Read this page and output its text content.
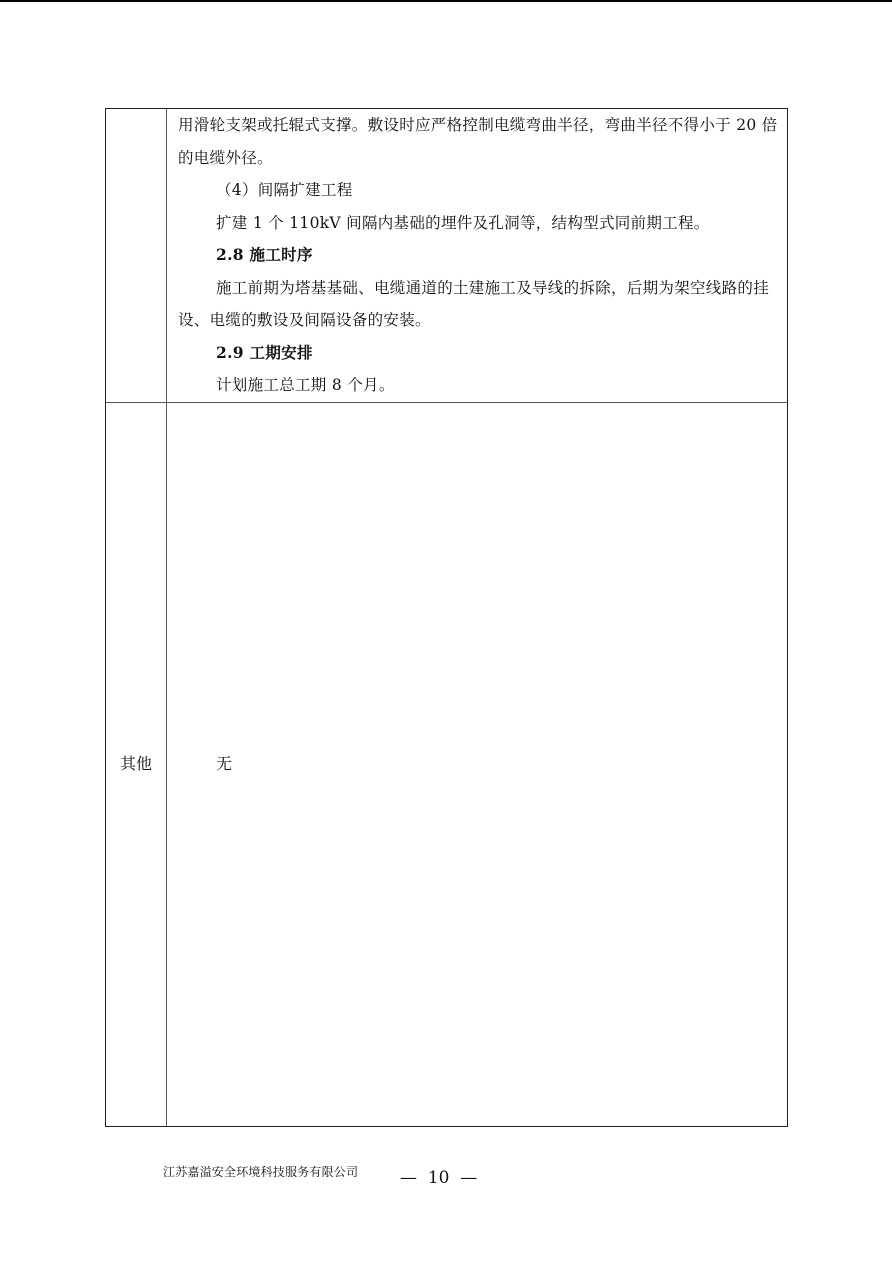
用滑轮支架或托辊式支撑。敷设时应严格控制电缆弯曲半径，弯曲半径不得小于 20 倍的电缆外径。

（4）间隔扩建工程

扩建 1 个 110kV 间隔内基础的埋件及孔洞等，结构型式同前期工程。

2.8 施工时序

施工前期为塔基基础、电缆通道的土建施工及导线的拆除，后期为架空线路的挂设、电缆的敷设及间隔设备的安装。

2.9 工期安排

计划施工总工期 8 个月。

其他	无
江苏嘉溢安全环境科技服务有限公司 —  10  —
